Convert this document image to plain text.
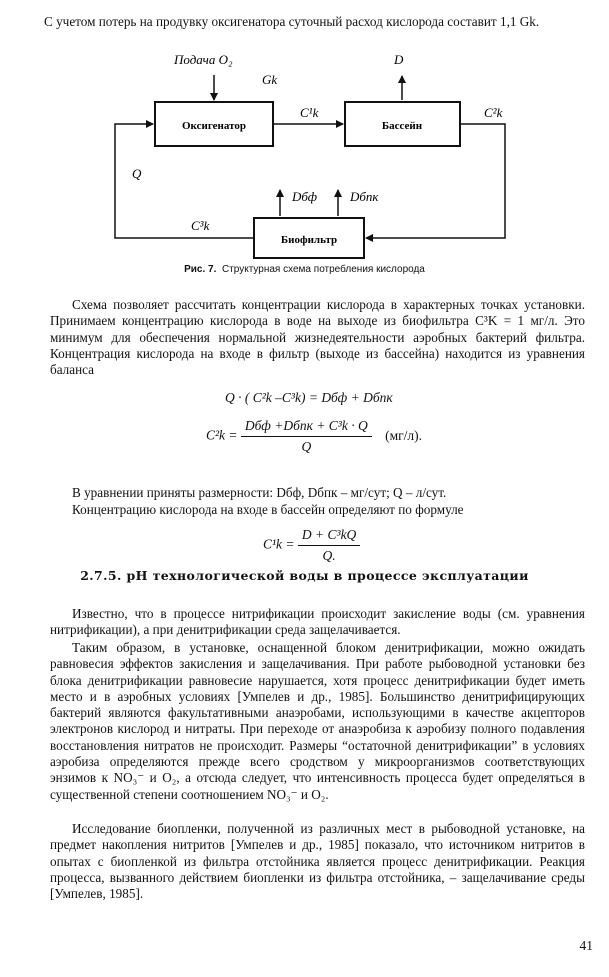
С учетом потерь на продувку оксигенатора суточный расход кислорода составит 1,1 Gk.

Оксигенатор	Бассейн
Биофильтр
Подача O₂
Gk
C¹k
D
C²k
C³k
Q
Dбф	Dбпк

Рис. 7. Структурная схема потребления кислорода

Схема позволяет рассчитать концентрации кислорода в характерных точках установки. Принимаем концентрацию кислорода в воде на выходе из биофильтра C³K = 1 мг/л. Это минимум для обеспечения нормальной жизнедеятельности аэробных бактерий фильтра. Концентрация кислорода на входе в фильтр (выходе из бассейна) находится из уравнения баланса

Q · ( C²k –C³k) = Dбф + Dбпк
$C^2k = \frac{\text{Dбф +Dбпк + C³k · Q}}{Q} (мг/л)$.

В уравнении приняты размерности: Dбф, Dбпк – мг/сут; Q – л/сут.

Концентрацию кислорода на входе в бассейн определяют по формуле

$C^1k = \frac{\text{D + C³kQ}}{Q.}$
2.7.5. pH технологической воды в процессе эксплуатации

Известно, что в процессе нитрификации происходит закисление воды (см. уравнения нитрификации), а при денитрификации среда защелачивается.

Таким образом, в установке, оснащенной блоком денитрификации, можно ожидать равновесия эффектов закисления и защелачивания. При работе рыбоводной установки без блока денитрификации равновесие нарушается, хотя процесс денитрификации будет иметь место и в аэробных условиях [Умпелев и др., 1985]. Большинство денитрифицирующих бактерий являются факультативными анаэробами, использующими в качестве акцепторов электронов кислород и нитраты. При переходе от анаэробиза к аэробизу полного подавления восстановления нитратов не происходит. Размеры “остаточной денитрификации” в условиях аэробиза определяются прежде всего сродством у микроорганизмов соответствующих энзимов к NO₃⁻ и O₂, а отсюда следует, что интенсивность процесса будет определяться в существенной степени соотношением NO₃⁻ и O₂.

Исследование биопленки, полученной из различных мест в рыбоводной установке, на предмет накопления нитритов [Умпелев и др., 1985] показало, что источником нитритов в опытах с биопленкой из фильтра отстойника является процесс денитрификации. Реакция процесса, вызванного действием биопленки из фильтра отстойника, – защелачивание среды [Умпелев, 1985].

41
